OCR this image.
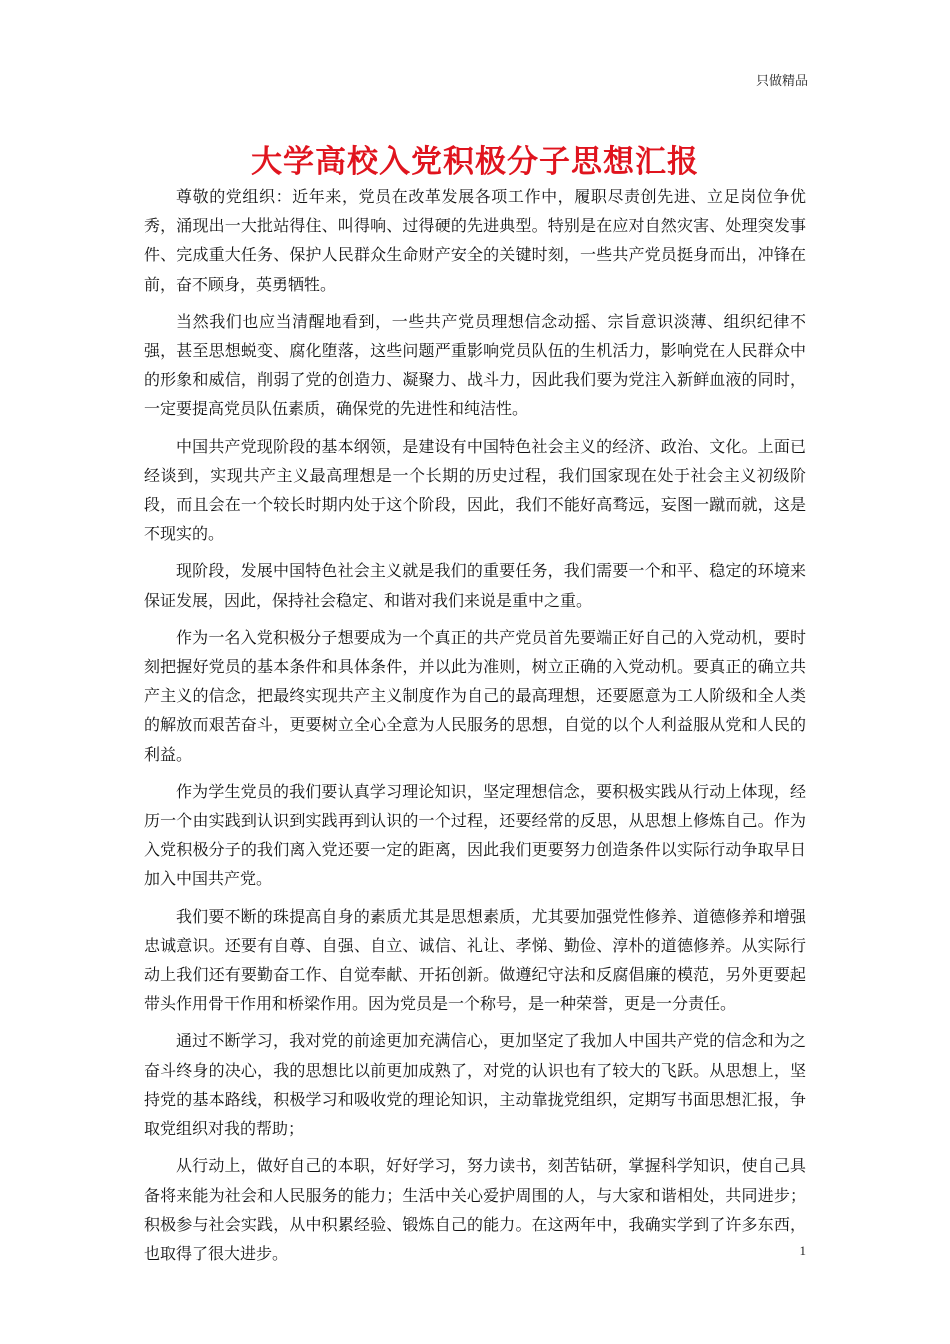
只做精品
大学高校入党积极分子思想汇报

尊敬的党组织：近年来，党员在改革发展各项工作中，履职尽责创先进、立足岗位争优秀，涌现出一大批站得住、叫得响、过得硬的先进典型。特别是在应对自然灾害、处理突发事件、完成重大任务、保护人民群众生命财产安全的关键时刻，一些共产党员挺身而出，冲锋在前，奋不顾身，英勇牺牲。

当然我们也应当清醒地看到，一些共产党员理想信念动摇、宗旨意识淡薄、组织纪律不强，甚至思想蜕变、腐化堕落，这些问题严重影响党员队伍的生机活力，影响党在人民群众中的形象和威信，削弱了党的创造力、凝聚力、战斗力，因此我们要为党注入新鲜血液的同时，一定要提高党员队伍素质，确保党的先进性和纯洁性。

中国共产党现阶段的基本纲领，是建设有中国特色社会主义的经济、政治、文化。上面已经谈到，实现共产主义最高理想是一个长期的历史过程，我们国家现在处于社会主义初级阶段，而且会在一个较长时期内处于这个阶段，因此，我们不能好高骛远，妄图一蹴而就，这是不现实的。

现阶段，发展中国特色社会主义就是我们的重要任务，我们需要一个和平、稳定的环境来保证发展，因此，保持社会稳定、和谐对我们来说是重中之重。

作为一名入党积极分子想要成为一个真正的共产党员首先要端正好自己的入党动机，要时刻把握好党员的基本条件和具体条件，并以此为准则，树立正确的入党动机。要真正的确立共产主义的信念，把最终实现共产主义制度作为自己的最高理想，还要愿意为工人阶级和全人类的解放而艰苦奋斗，更要树立全心全意为人民服务的思想，自觉的以个人利益服从党和人民的利益。

作为学生党员的我们要认真学习理论知识，坚定理想信念，要积极实践从行动上体现，经历一个由实践到认识到实践再到认识的一个过程，还要经常的反思，从思想上修炼自己。作为入党积极分子的我们离入党还要一定的距离，因此我们更要努力创造条件以实际行动争取早日加入中国共产党。

我们要不断的珠提高自身的素质尤其是思想素质，尤其要加强党性修养、道德修养和增强忠诚意识。还要有自尊、自强、自立、诚信、礼让、孝悌、勤俭、淳朴的道德修养。从实际行动上我们还有要勤奋工作、自觉奉献、开拓创新。做遵纪守法和反腐倡廉的模范，另外更要起带头作用骨干作用和桥梁作用。因为党员是一个称号，是一种荣誉，更是一分责任。

通过不断学习，我对党的前途更加充满信心，更加坚定了我加人中国共产党的信念和为之奋斗终身的决心，我的思想比以前更加成熟了，对党的认识也有了较大的飞跃。从思想上，坚持党的基本路线，积极学习和吸收党的理论知识，主动靠拢党组织，定期写书面思想汇报，争取党组织对我的帮助；

从行动上，做好自己的本职，好好学习，努力读书，刻苦钻研，掌握科学知识，使自己具备将来能为社会和人民服务的能力；生活中关心爱护周围的人，与大家和谐相处，共同进步；积极参与社会实践，从中积累经验、锻炼自己的能力。在这两年中，我确实学到了许多东西，也取得了很大进步。	1
